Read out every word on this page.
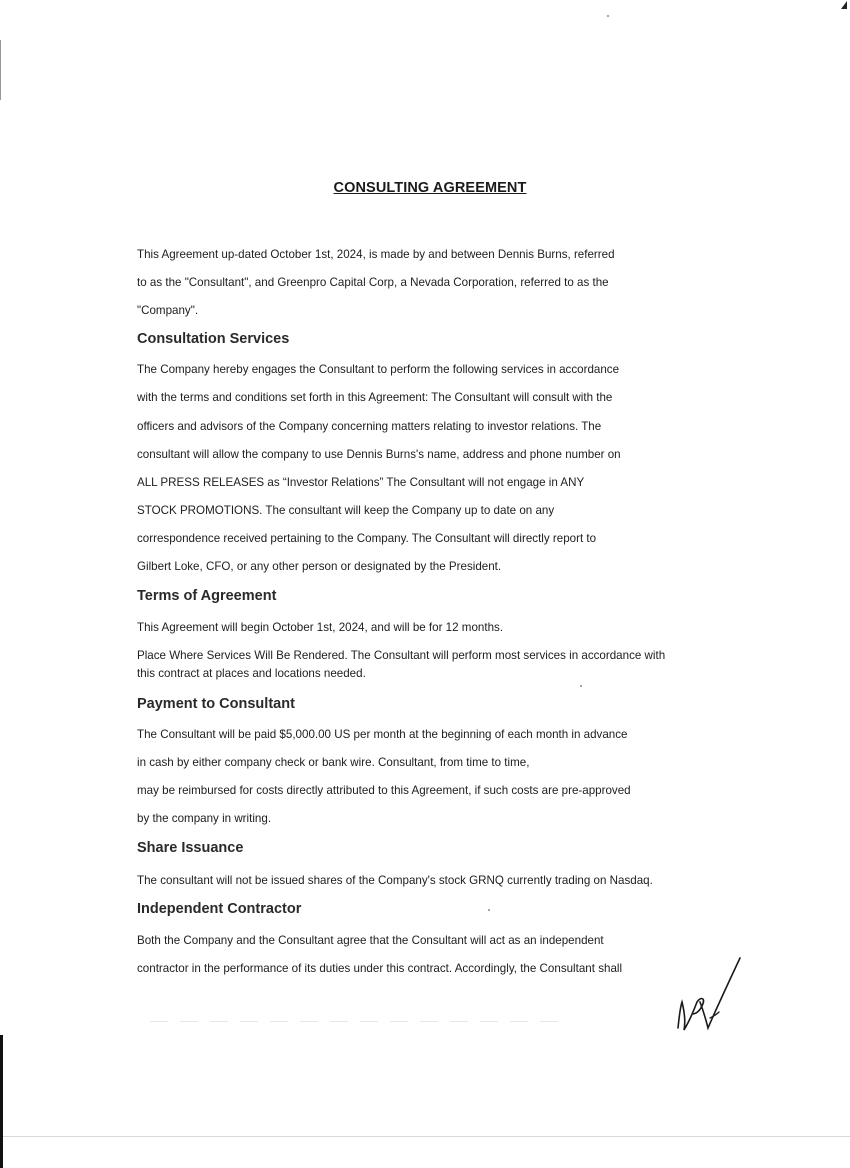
CONSULTING AGREEMENT
This Agreement up-dated October 1st, 2024, is made by and between Dennis Burns, referred
to as the "Consultant", and Greenpro Capital Corp, a Nevada Corporation, referred to as the
"Company".
Consultation Services
The Company hereby engages the Consultant to perform the following services in accordance
with the terms and conditions set forth in this Agreement: The Consultant will consult with the
officers and advisors of the Company concerning matters relating to investor relations. The
consultant will allow the company to use Dennis Burns's name, address and phone number on
ALL PRESS RELEASES as “Investor Relations” The Consultant will not engage in ANY
STOCK PROMOTIONS. The consultant will keep the Company up to date on any
correspondence received pertaining to the Company. The Consultant will directly report to
Gilbert Loke, CFO, or any other person or designated by the President.
Terms of Agreement
This Agreement will begin October 1st, 2024, and will be for 12 months.
Place Where Services Will Be Rendered. The Consultant will perform most services in accordance with
this contract at places and locations needed.
Payment to Consultant
The Consultant will be paid $5,000.00 US per month at the beginning of each month in advance
in cash by either company check or bank wire. Consultant, from time to time,
may be reimbursed for costs directly attributed to this Agreement, if such costs are pre-approved
by the company in writing.
Share Issuance
The consultant will not be issued shares of the Company's stock GRNQ currently trading on Nasdaq.
Independent Contractor
Both the Company and the Consultant agree that the Consultant will act as an independent
contractor in the performance of its duties under this contract. Accordingly, the Consultant shall
